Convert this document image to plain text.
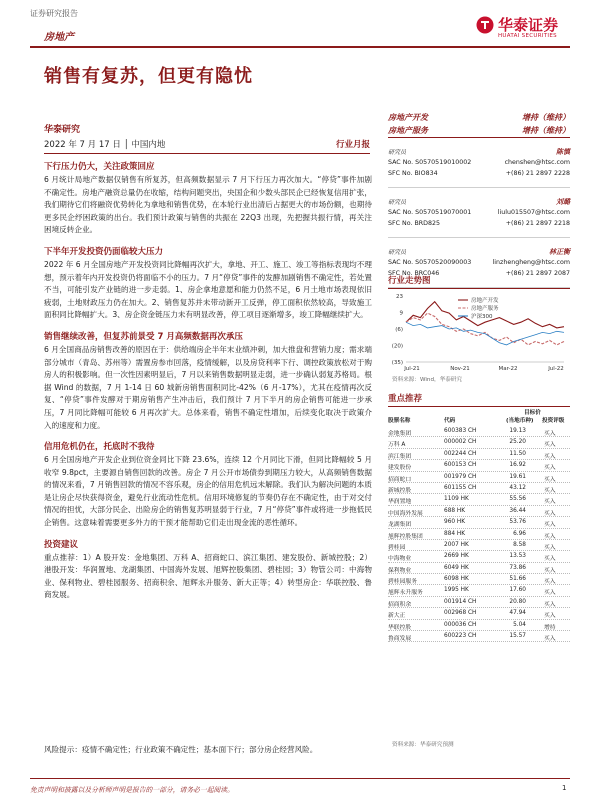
证券研究报告
房地产
华泰证券
HUATAI SECURITIES
销售有复苏，但更有隐忧
华泰研究
2022 年 7 月 17 日 │ 中国内地	行业月报
下行压力仍大，关注政策回应
6 月统计局地产数据仅销售有所复苏，但高频数据显示 7 月下行压力再次加大。“停贷”事件加剧不确定性。房地产融资总量仍在收缩，结构问题突出，央国企和少数头部民企已经恢复信用扩张，我们期待它们将融资优势转化为拿地和销售优势，在本轮行业出清后占据更大的市场份额，也期待更多民企纾困政策的出台。我们预计政策与销售的共振在 22Q3 出现，先把握共振行情，再关注困境反转企业。
下半年开发投资仍面临较大压力
2022 年 6 月全国房地产开发投资同比降幅再次扩大，拿地、开工、施工、竣工等指标表现均不理想，预示着年内开发投资仍将面临不小的压力。7 月“停贷”事件的发酵加剧销售不确定性，若处置不当，可能引发产业链的进一步走弱。1、房企拿地意愿和能力仍然不足，6 月土地市场表现依旧疲弱，土地财政压力仍在加大。2、销售复苏并未带动新开工反弹，停工面积依然较高，导致施工面积同比降幅扩大。3、房企资金链压力未有明显改善，停工项目逐渐增多，竣工降幅继续扩大。
销售继续改善，但复苏前景受 7 月高频数据再次承压
6 月全国商品房销售改善的原因在于：供给端房企半年末业绩冲刺，加大推盘和营销力度；需求端部分城市（青岛、苏州等）需置房参市回落，疫情缓解，以及房贷利率下行、调控政策放松对于购房人的积极影响。但一次性因素明显后，7 月以来销售数据明显走弱，进一步确认弱复苏格局。根据 Wind 的数据，7 月 1-14 日 60 城新房销售面积同比-42%（6 月-17%），尤其在疫情再次反复、“停贷”事件发酵对于期房销售产生冲击后，我们预计 7 月下半月的房企销售可能进一步承压，7 月同比降幅可能较 6 月再次扩大。总体来看，销售不确定性增加，后续变化取决于政策介入的速度和力度。
信用危机仍在，托底时不我待
6 月全国房地产开发企业到位资金同比下降 23.6%，连续 12 个月同比下滑，但同比降幅较 5 月收窄 9.8pct，主要源自销售回款的改善。房企 7 月公开市场债券到期压力较大，从高频销售数据的情况来看，7 月销售回款的情况不容乐观，房企的信用危机远未解除。我们认为解决问题的本质是让房企尽快获得资金，避免行业流动性危机。信用环境修复的节奏仍存在不确定性，由于对交付情况的担忧，大部分民企、出险房企的销售复苏明显弱于行业，7 月“停贷”事件或将进一步拖低民企销售。这意味着需要更多外力的干预才能帮助它们走出现金流的恶性循环。
投资建议
重点推荐：1）A 股开发：金地集团、万科 A、招商蛇口、滨江集团、建发股份、新城控股；2）港股开发：华润置地、龙湖集团、中国海外发展、旭辉控股集团、碧桂园；3）物管公司：中海物业、保利物业、碧桂园服务、招商积余、旭辉永升服务、新大正等；4）转型房企：华联控股、鲁商发展。
风险提示：疫情不确定性；行业政策不确定性；基本面下行；部分房企经营风险。
房地产开发	增持（维持）
房地产服务	增持（维持）
研究员	陈慎
SAC No. S0570519010002	chenshen@htsc.com
SFC No. BIO834	+(86) 21 2897 2228
研究员	刘璐
SAC No. S0570519070001	liulu015507@htsc.com
SFC No. BRD825	+(86) 21 2897 2218
研究员	林正衡
SAC No. S0570520090003	linzhengheng@htsc.com
SFC No. BRC046	+(86) 21 2897 2087
行业走势图
23
9
(6)
(20)
(35)
Jul-21	Nov-21	Mar-22	Jul-22
房地产开发
房地产服务
沪深300
资料来源：Wind，华泰研究
重点推荐
目标价
股票名称	代码	(当地币种) 投资评级
金地集团	600383 CH	19.13	买入
万科 A	000002 CH	25.20	买入
滨江集团	002244 CH	11.50	买入
建发股份	600153 CH	16.92	买入
招商蛇口	001979 CH	19.61	买入
新城控股	601155 CH	43.12	买入
华润置地	1109 HK	55.56	买入
中国海外发展	688 HK	36.44	买入
龙湖集团	960 HK	53.76	买入
旭辉控股集团	884 HK	6.96	买入
碧桂园	2007 HK	8.58	买入
中海物业	2669 HK	13.53	买入
保利物业	6049 HK	73.86	买入
碧桂园服务	6098 HK	51.66	买入
旭辉永升服务	1995 HK	17.60	买入
招商积余	001914 CH	20.80	买入
新大正	002968 CH	47.94	买入
华联控股	000036 CH	5.04	增持
鲁商发展	600223 CH	15.57	买入
资料来源：华泰研究预测
免责声明和披露以及分析师声明是报告的一部分，请务必一起阅读。	1
